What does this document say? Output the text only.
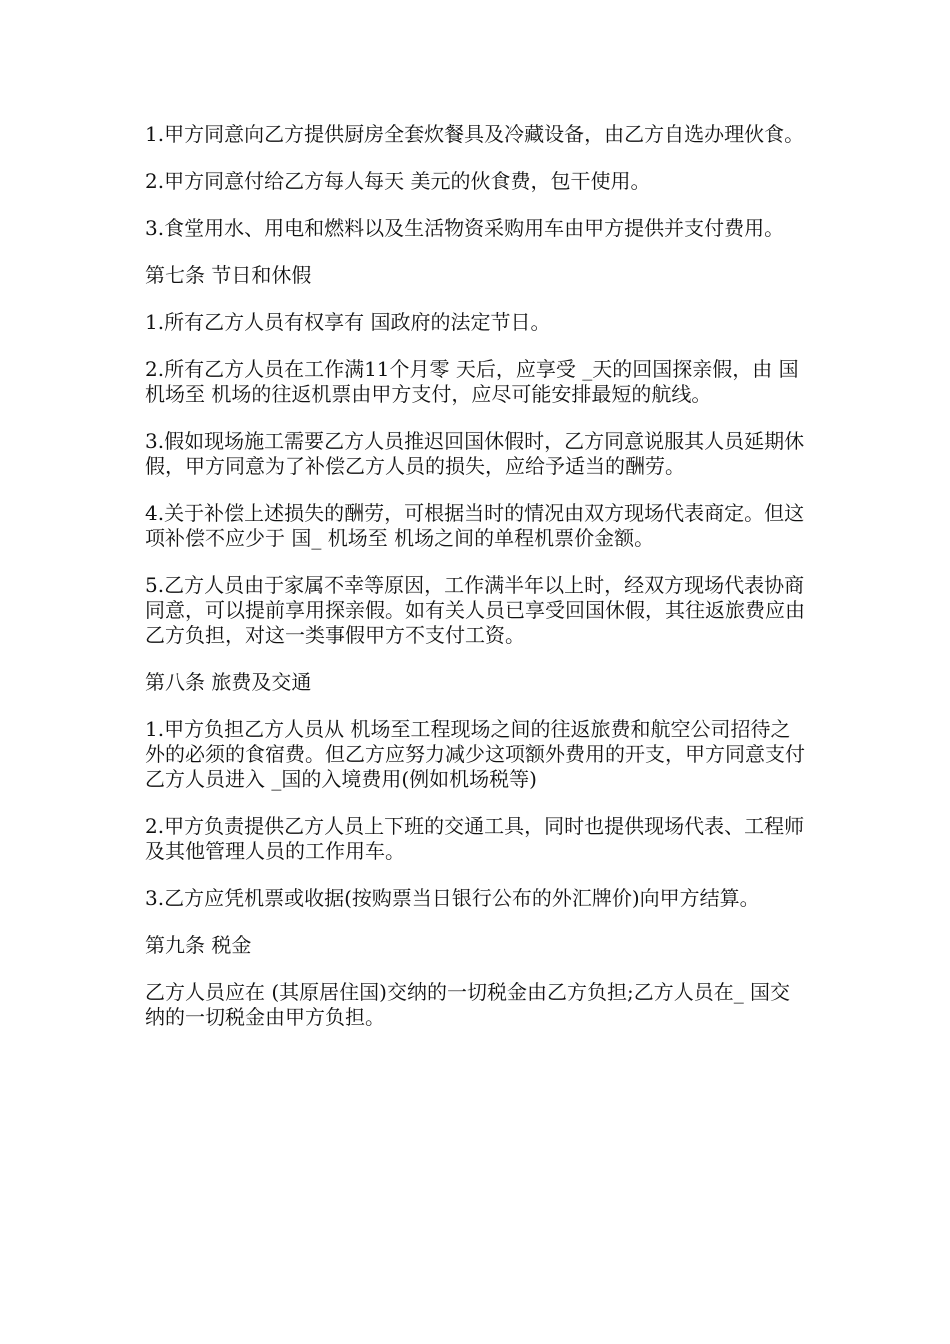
1.甲方同意向乙方提供厨房全套炊餐具及冷藏设备，由乙方自选办理伙食。

2.甲方同意付给乙方每人每天 美元的伙食费，包干使用。

3.食堂用水、用电和燃料以及生活物资采购用车由甲方提供并支付费用。

第七条 节日和休假

1.所有乙方人员有权享有 国政府的法定节日。

2.所有乙方人员在工作满11个月零 天后，应享受 _天的回国探亲假，由 国 机场至 机场的往返机票由甲方支付，应尽可能安排最短的航线。

3.假如现场施工需要乙方人员推迟回国休假时，乙方同意说服其人员延期休假，甲方同意为了补偿乙方人员的损失，应给予适当的酬劳。

4.关于补偿上述损失的酬劳，可根据当时的情况由双方现场代表商定。但这项补偿不应少于 国_ 机场至 机场之间的单程机票价金额。

5.乙方人员由于家属不幸等原因，工作满半年以上时，经双方现场代表协商同意，可以提前享用探亲假。如有关人员已享受回国休假，其往返旅费应由乙方负担，对这一类事假甲方不支付工资。

第八条 旅费及交通

1.甲方负担乙方人员从 机场至工程现场之间的往返旅费和航空公司招待之外的必须的食宿费。但乙方应努力减少这项额外费用的开支，甲方同意支付乙方人员进入 _国的入境费用(例如机场税等)

2.甲方负责提供乙方人员上下班的交通工具，同时也提供现场代表、工程师及其他管理人员的工作用车。

3.乙方应凭机票或收据(按购票当日银行公布的外汇牌价)向甲方结算。

第九条 税金

乙方人员应在 (其原居住国)交纳的一切税金由乙方负担;乙方人员在_ 国交纳的一切税金由甲方负担。
